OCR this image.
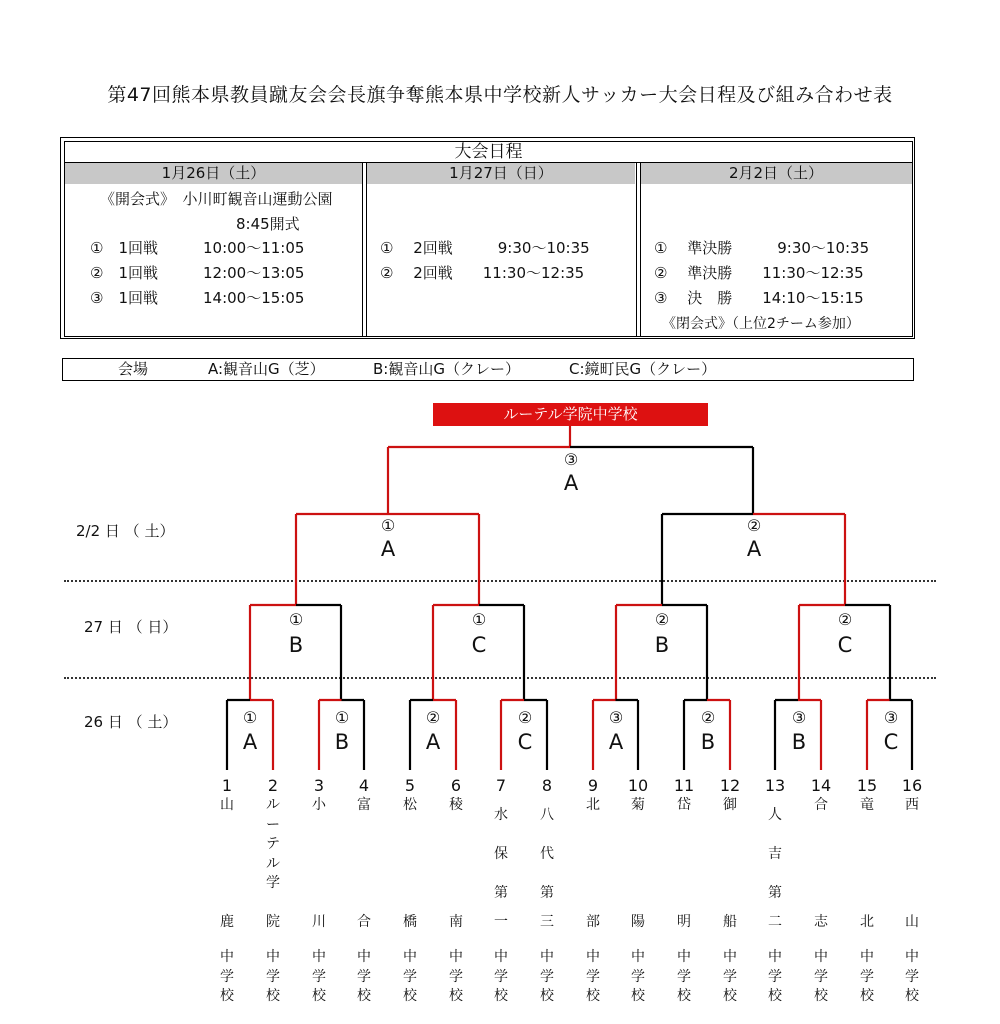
第47回熊本県教員蹴友会会長旗争奪熊本県中学校新人サッカー大会日程及び組み合わせ表
大会日程
1月26日（土）	1月27日（日）	2月2日（土）
《開会式》　小川町観音山運動公園
8:45開式
①　1回戦　　　10:00～11:05
②　1回戦　　　12:00～13:05
③　1回戦　　　14:00～15:05
①　 2回戦　　　9:30～10:35
②　 2回戦　　11:30～12:35
①　 準決勝　　　9:30～10:35
②　 準決勝　　11:30～12:35
③　 決　勝　　14:10～15:15
《閉会式》（上位2チーム参加）
会場	A:観音山G（芝）	B:観音山G（クレー）	C:鏡町民G（クレー）
ルーテル学院中学校
2/2 日 （ 土）
27 日 （ 日）
26 日 （ 土）
③
A
①
A
②
A
①
B
①
C
②
B
②
C
①
A
①
B
②
A
②
C
③
A
②
B
③
B
③
C
1
山
鹿
中学校
2
ルーテル学
院
中学校
3
小
川
中学校
4
富
合
中学校
5
松
橋
中学校
6
稜
南
中学校
7
水保第
一
中学校
8
八代第
三
中学校
9
北
部
中学校
10
菊
陽
中学校
11
岱
明
中学校
12
御
船
中学校
13
人吉第
二
中学校
14
合
志
中学校
15
竜
北
中学校
16
西
山
中学校
